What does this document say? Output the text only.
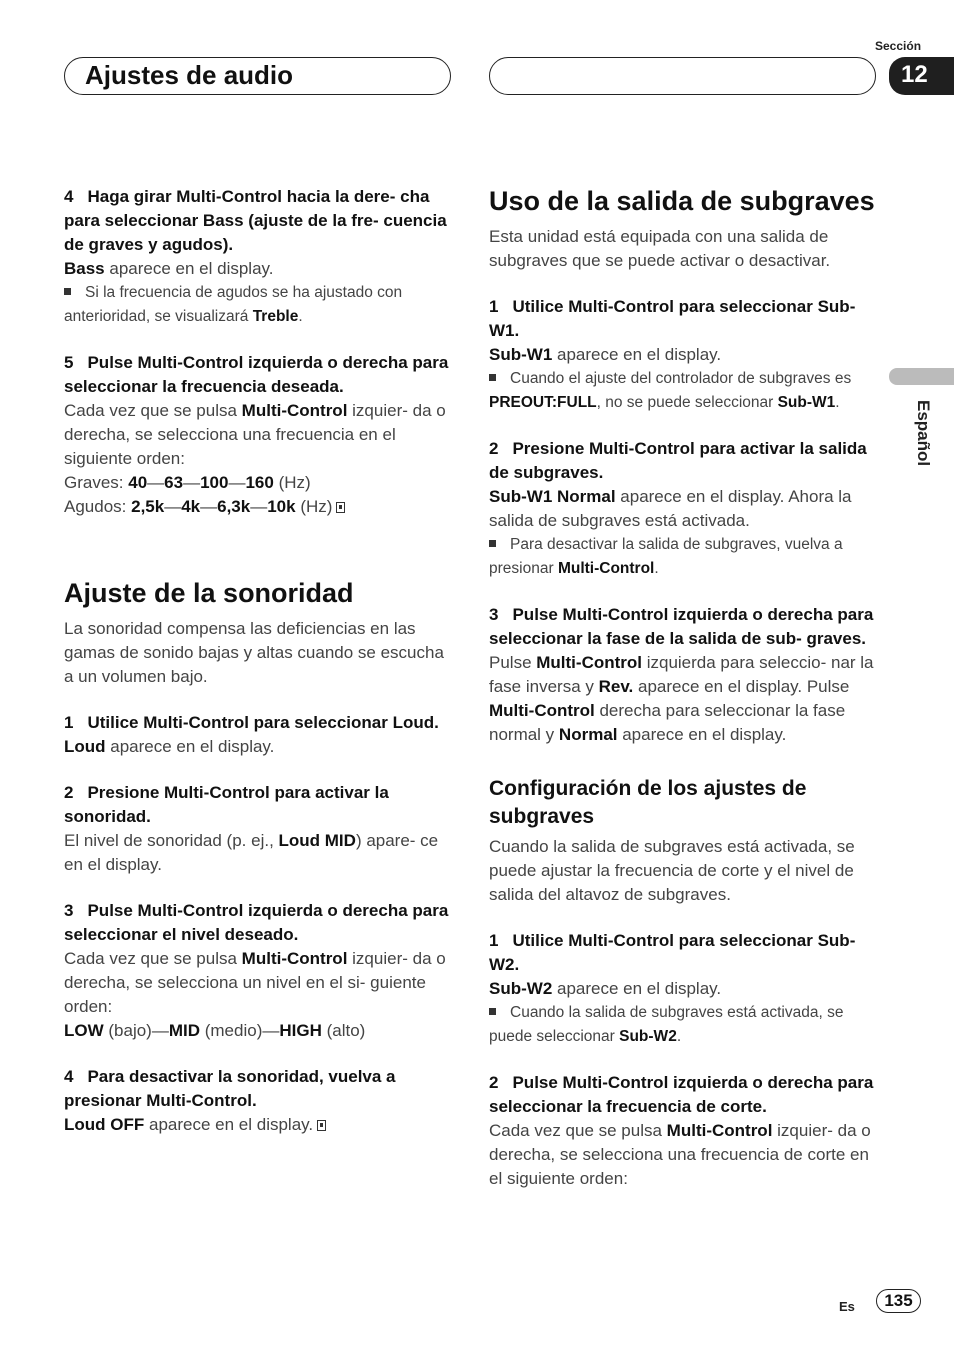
Ajustes de audio
Sección
12
Español

4 Haga girar Multi-Control hacia la dere- cha para seleccionar Bass (ajuste de la fre- cuencia de graves y agudos).

Bass aparece en el display.

Si la frecuencia de agudos se ha ajustado con anterioridad, se visualizará Treble.

5 Pulse Multi-Control izquierda o derecha para seleccionar la frecuencia deseada.

Cada vez que se pulsa Multi-Control izquier- da o derecha, se selecciona una frecuencia en el siguiente orden:

Graves: 40—63—100—160 (Hz)

Agudos: 2,5k—4k—6,3k—10k (Hz)

Ajuste de la sonoridad

La sonoridad compensa las deficiencias en las gamas de sonido bajas y altas cuando se escucha a un volumen bajo.

1 Utilice Multi-Control para seleccionar Loud.

Loud aparece en el display.

2 Presione Multi-Control para activar la sonoridad.

El nivel de sonoridad (p. ej., Loud MID) apare- ce en el display.

3 Pulse Multi-Control izquierda o derecha para seleccionar el nivel deseado.

Cada vez que se pulsa Multi-Control izquier- da o derecha, se selecciona un nivel en el si- guiente orden:

LOW (bajo)—MID (medio)—HIGH (alto)

4 Para desactivar la sonoridad, vuelva a presionar Multi-Control.

Loud OFF aparece en el display.

Uso de la salida de subgraves

Esta unidad está equipada con una salida de subgraves que se puede activar o desactivar.

1 Utilice Multi-Control para seleccionar Sub-W1.

Sub-W1 aparece en el display.

Cuando el ajuste del controlador de subgraves es PREOUT:FULL, no se puede seleccionar Sub-W1.

2 Presione Multi-Control para activar la salida de subgraves.

Sub-W1 Normal aparece en el display. Ahora la salida de subgraves está activada.

Para desactivar la salida de subgraves, vuelva a presionar Multi-Control.

3 Pulse Multi-Control izquierda o derecha para seleccionar la fase de la salida de sub- graves.

Pulse Multi-Control izquierda para seleccio- nar la fase inversa y Rev. aparece en el display. Pulse Multi-Control derecha para seleccionar la fase normal y Normal aparece en el display.

Configuración de los ajustes de subgraves

Cuando la salida de subgraves está activada, se puede ajustar la frecuencia de corte y el nivel de salida del altavoz de subgraves.

1 Utilice Multi-Control para seleccionar Sub-W2.

Sub-W2 aparece en el display.

Cuando la salida de subgraves está activada, se puede seleccionar Sub-W2.

2 Pulse Multi-Control izquierda o derecha para seleccionar la frecuencia de corte.

Cada vez que se pulsa Multi-Control izquier- da o derecha, se selecciona una frecuencia de corte en el siguiente orden:

Es	135
